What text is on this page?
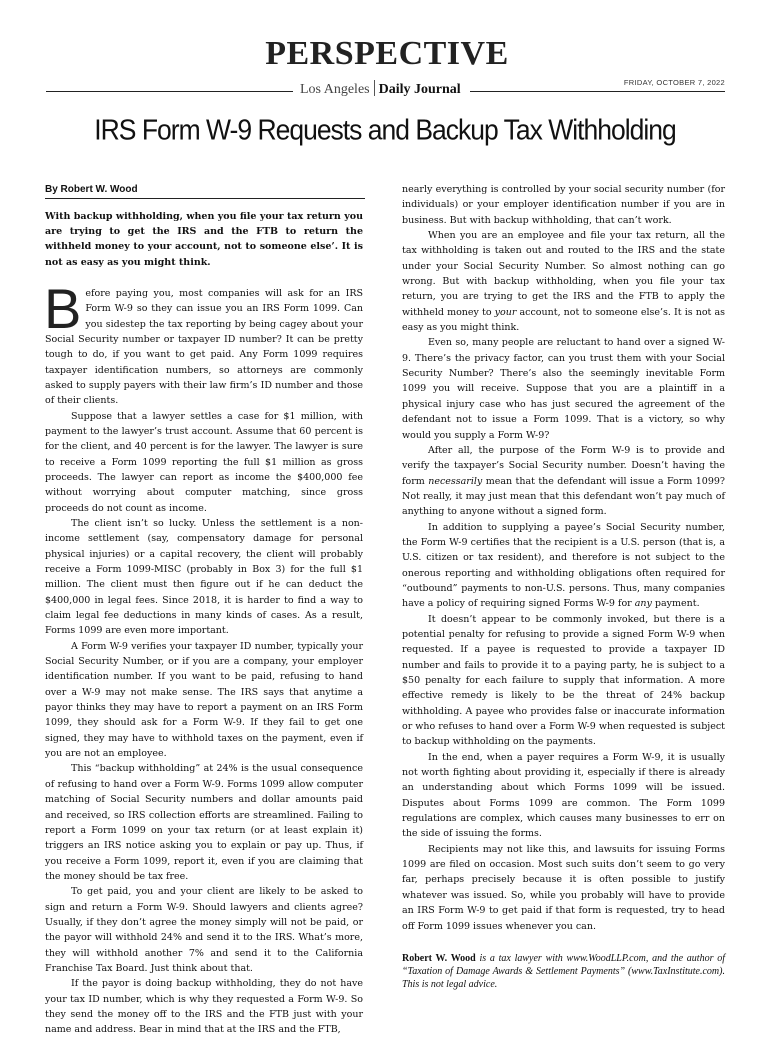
PERSPECTIVE
Los Angeles Daily Journal	FRIDAY, OCTOBER 7, 2022
IRS Form W-9 Requests and Backup Tax Withholding
By Robert W. Wood

With backup withholding, when you file your tax return you are trying to get the IRS and the FTB to return the withheld money to your account, not to someone else’. It is not as easy as you might think.

Before paying you, most companies will ask for an IRS Form W-9 so they can issue you an IRS Form 1099. Can you sidestep the tax reporting by being cagey about your Social Security number or taxpayer ID number? It can be pretty tough to do, if you want to get paid. Any Form 1099 requires taxpayer identification numbers, so attorneys are commonly asked to supply payers with their law firm’s ID number and those of their clients.

Suppose that a lawyer settles a case for $1 million, with payment to the lawyer’s trust account. Assume that 60 percent is for the client, and 40 percent is for the lawyer. The lawyer is sure to receive a Form 1099 reporting the full $1 million as gross proceeds. The lawyer can report as income the $400,000 fee without worrying about computer matching, since gross proceeds do not count as income.

The client isn’t so lucky. Unless the settlement is a non-income settlement (say, compensatory damage for personal physical injuries) or a capital recovery, the client will probably receive a Form 1099-MISC (probably in Box 3) for the full $1 million. The client must then figure out if he can deduct the $400,000 in legal fees. Since 2018, it is harder to find a way to claim legal fee deductions in many kinds of cases. As a result, Forms 1099 are even more important.

A Form W-9 verifies your taxpayer ID number, typically your Social Security Number, or if you are a company, your employer identification number. If you want to be paid, refusing to hand over a W-9 may not make sense. The IRS says that anytime a payor thinks they may have to report a payment on an IRS Form 1099, they should ask for a Form W-9. If they fail to get one signed, they may have to withhold taxes on the payment, even if you are not an employee.

This “backup withholding” at 24% is the usual consequence of refusing to hand over a Form W-9. Forms 1099 allow computer matching of Social Security numbers and dollar amounts paid and received, so IRS collection efforts are streamlined. Failing to report a Form 1099 on your tax return (or at least explain it) triggers an IRS notice asking you to explain or pay up. Thus, if you receive a Form 1099, report it, even if you are claiming that the money should be tax free.

To get paid, you and your client are likely to be asked to sign and return a Form W-9. Should lawyers and clients agree? Usually, if they don’t agree the money simply will not be paid, or the payor will withhold 24% and send it to the IRS. What’s more, they will withhold another 7% and send it to the California Franchise Tax Board. Just think about that.

If the payor is doing backup withholding, they do not have your tax ID number, which is why they requested a Form W-9. So they send the money off to the IRS and the FTB just with your name and address. Bear in mind that at the IRS and the FTB,

nearly everything is controlled by your social security number (for individuals) or your employer identification number if you are in business. But with backup withholding, that can’t work.

When you are an employee and file your tax return, all the tax withholding is taken out and routed to the IRS and the state under your Social Security Number. So almost nothing can go wrong. But with backup withholding, when you file your tax return, you are trying to get the IRS and the FTB to apply the withheld money to your account, not to someone else’s. It is not as easy as you might think.

Even so, many people are reluctant to hand over a signed W-9. There’s the privacy factor, can you trust them with your Social Security Number? There’s also the seemingly inevitable Form 1099 you will receive. Suppose that you are a plaintiff in a physical injury case who has just secured the agreement of the defendant not to issue a Form 1099. That is a victory, so why would you supply a Form W-9?

After all, the purpose of the Form W-9 is to provide and verify the taxpayer’s Social Security number. Doesn’t having the form necessarily mean that the defendant will issue a Form 1099? Not really, it may just mean that this defendant won’t pay much of anything to anyone without a signed form.

In addition to supplying a payee’s Social Security number, the Form W-9 certifies that the recipient is a U.S. person (that is, a U.S. citizen or tax resident), and therefore is not subject to the onerous reporting and withholding obligations often required for “outbound” payments to non-U.S. persons. Thus, many companies have a policy of requiring signed Forms W-9 for any payment.

It doesn’t appear to be commonly invoked, but there is a potential penalty for refusing to provide a signed Form W-9 when requested. If a payee is requested to provide a taxpayer ID number and fails to provide it to a paying party, he is subject to a $50 penalty for each failure to supply that information. A more effective remedy is likely to be the threat of 24% backup withholding. A payee who provides false or inaccurate information or who refuses to hand over a Form W-9 when requested is subject to backup withholding on the payments.

In the end, when a payer requires a Form W-9, it is usually not worth fighting about providing it, especially if there is already an understanding about which Forms 1099 will be issued. Disputes about Forms 1099 are common. The Form 1099 regulations are complex, which causes many businesses to err on the side of issuing the forms.

Recipients may not like this, and lawsuits for issuing Forms 1099 are filed on occasion. Most such suits don’t seem to go very far, perhaps precisely because it is often possible to justify whatever was issued. So, while you probably will have to provide an IRS Form W-9 to get paid if that form is requested, try to head off Form 1099 issues whenever you can.

Robert W. Wood is a tax lawyer with www.WoodLLP.com, and the author of “Taxation of Damage Awards & Settlement Payments” (www.TaxInstitute.com). This is not legal advice.
